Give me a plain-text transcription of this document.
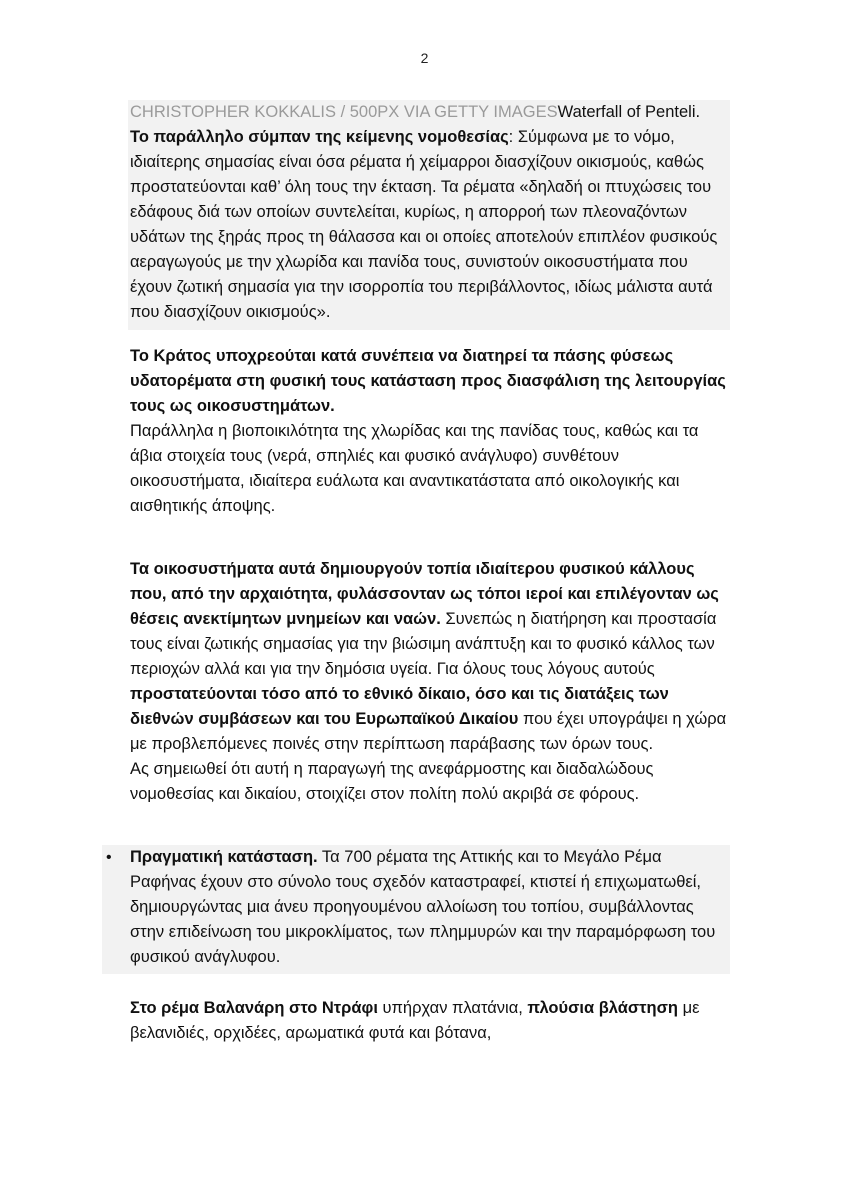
2

CHRISTOPHER KOKKALIS / 500PX VIA GETTY IMAGESWaterfall of Penteli.

Το παράλληλο σύμπαν της κείμενης νομοθεσίας: Σύμφωνα με το νόμο, ιδιαίτερης σημασίας είναι όσα ρέματα ή χείμαρροι διασχίζουν οικισμούς, καθώς προστατεύονται καθ’ όλη τους την έκταση. Τα ρέματα «δηλαδή οι πτυχώσεις του εδάφους διά των οποίων συντελείται, κυρίως, η απορροή των πλεοναζόντων υδάτων της ξηράς προς τη θάλασσα και οι οποίες αποτελούν επιπλέον φυσικούς αεραγωγούς με την χλωρίδα και πανίδα τους, συνιστούν οικοσυστήματα που έχουν ζωτική σημασία για την ισορροπία του περιβάλλοντος, ιδίως μάλιστα αυτά που διασχίζουν οικισμούς».

Το Κράτος υποχρεούται κατά συνέπεια να διατηρεί τα πάσης φύσεως υδατορέματα στη φυσική τους κατάσταση προς διασφάλιση της λειτουργίας τους ως οικοσυστημάτων.

Παράλληλα η βιοποικιλότητα της χλωρίδας και της πανίδας τους, καθώς και τα άβια στοιχεία τους (νερά, σπηλιές και φυσικό ανάγλυφο) συνθέτουν οικοσυστήματα, ιδιαίτερα ευάλωτα και αναντικατάστατα από οικολογικής και αισθητικής άποψης.

Τα οικοσυστήματα αυτά δημιουργούν τοπία ιδιαίτερου φυσικού κάλλους που, από την αρχαιότητα, φυλάσσονταν ως τόποι ιεροί και επιλέγονταν ως θέσεις ανεκτίμητων μνημείων και ναών. Συνεπώς η διατήρηση και προστασία τους είναι ζωτικής σημασίας για την βιώσιμη ανάπτυξη και το φυσικό κάλλος των περιοχών αλλά και για την δημόσια υγεία. Για όλους τους λόγους αυτούς προστατεύονται τόσο από το εθνικό δίκαιο, όσο και τις διατάξεις των διεθνών συμβάσεων και του Ευρωπαϊκού Δικαίου που έχει υπογράψει η χώρα με προβλεπόμενες ποινές στην περίπτωση παράβασης των όρων τους.

Ας σημειωθεί ότι αυτή η παραγωγή της ανεφάρμοστης και διαδαλώδους νομοθεσίας και δικαίου, στοιχίζει στον πολίτη πολύ ακριβά σε φόρους.

• Πραγματική κατάσταση. Τα 700 ρέματα της Αττικής και το Μεγάλο Ρέμα Ραφήνας έχουν στο σύνολο τους σχεδόν καταστραφεί, κτιστεί ή επιχωματωθεί, δημιουργώντας μια άνευ προηγουμένου αλλοίωση του τοπίου, συμβάλλοντας στην επιδείνωση του μικροκλίματος, των πλημμυρών και την παραμόρφωση του φυσικού ανάγλυφου.

Στο ρέμα Βαλανάρη στο Ντράφι υπήρχαν πλατάνια, πλούσια βλάστηση με βελανιδιές, ορχιδέες, αρωματικά φυτά και βότανα,
